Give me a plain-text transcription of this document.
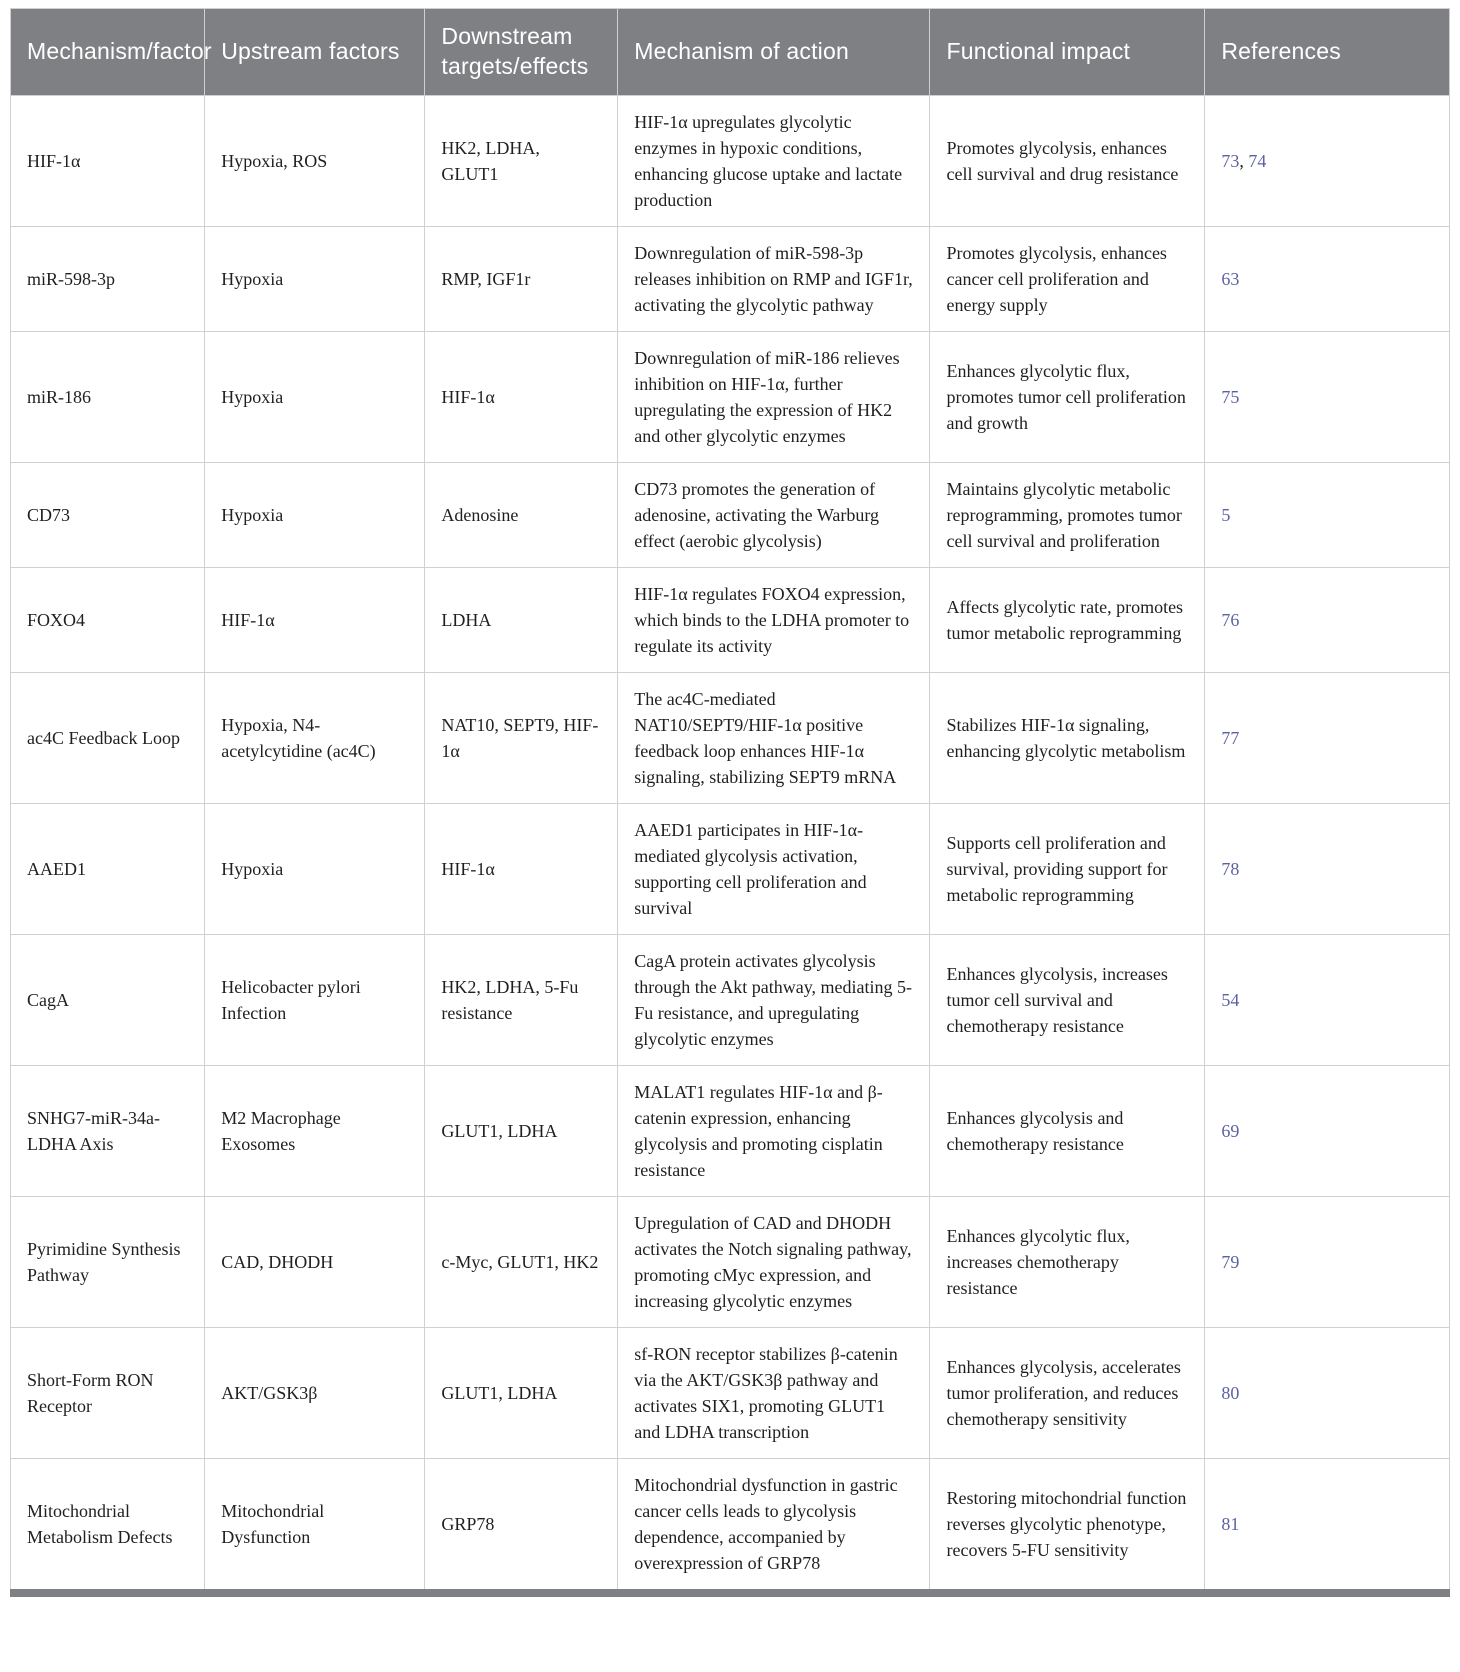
Mechanism/factor	Upstream factors	Downstream targets/effects	Mechanism of action	Functional impact	References
HIF-1α	Hypoxia, ROS	HK2, LDHA, GLUT1	HIF-1α upregulates glycolytic enzymes in hypoxic conditions, enhancing glucose uptake and lactate production	Promotes glycolysis, enhances cell survival and drug resistance	73, 74
miR-598-3p	Hypoxia	RMP, IGF1r	Downregulation of miR-598-3p releases inhibition on RMP and IGF1r, activating the glycolytic pathway	Promotes glycolysis, enhances cancer cell proliferation and energy supply	63
miR-186	Hypoxia	HIF-1α	Downregulation of miR-186 relieves inhibition on HIF-1α, further upregulating the expression of HK2 and other glycolytic enzymes	Enhances glycolytic flux, promotes tumor cell proliferation and growth	75
CD73	Hypoxia	Adenosine	CD73 promotes the generation of adenosine, activating the Warburg effect (aerobic glycolysis)	Maintains glycolytic metabolic reprogramming, promotes tumor cell survival and proliferation	5
FOXO4	HIF-1α	LDHA	HIF-1α regulates FOXO4 expression, which binds to the LDHA promoter to regulate its activity	Affects glycolytic rate, promotes tumor metabolic reprogramming	76
ac4C Feedback Loop	Hypoxia, N4-acetylcytidine (ac4C)	NAT10, SEPT9, HIF-1α	The ac4C-mediated NAT10/SEPT9/HIF-1α positive feedback loop enhances HIF-1α signaling, stabilizing SEPT9 mRNA	Stabilizes HIF-1α signaling, enhancing glycolytic metabolism	77
AAED1	Hypoxia	HIF-1α	AAED1 participates in HIF-1α-mediated glycolysis activation, supporting cell proliferation and survival	Supports cell proliferation and survival, providing support for metabolic reprogramming	78
CagA	Helicobacter pylori Infection	HK2, LDHA, 5-Fu resistance	CagA protein activates glycolysis through the Akt pathway, mediating 5-Fu resistance, and upregulating glycolytic enzymes	Enhances glycolysis, increases tumor cell survival and chemotherapy resistance	54
SNHG7-miR-34a-LDHA Axis	M2 Macrophage Exosomes	GLUT1, LDHA	MALAT1 regulates HIF-1α and β-catenin expression, enhancing glycolysis and promoting cisplatin resistance	Enhances glycolysis and chemotherapy resistance	69
Pyrimidine Synthesis Pathway	CAD, DHODH	c-Myc, GLUT1, HK2	Upregulation of CAD and DHODH activates the Notch signaling pathway, promoting cMyc expression, and increasing glycolytic enzymes	Enhances glycolytic flux, increases chemotherapy resistance	79
Short-Form RON Receptor	AKT/GSK3β	GLUT1, LDHA	sf-RON receptor stabilizes β-catenin via the AKT/GSK3β pathway and activates SIX1, promoting GLUT1 and LDHA transcription	Enhances glycolysis, accelerates tumor proliferation, and reduces chemotherapy sensitivity	80
Mitochondrial Metabolism Defects	Mitochondrial Dysfunction	GRP78	Mitochondrial dysfunction in gastric cancer cells leads to glycolysis dependence, accompanied by overexpression of GRP78	Restoring mitochondrial function reverses glycolytic phenotype, recovers 5-FU sensitivity	81
